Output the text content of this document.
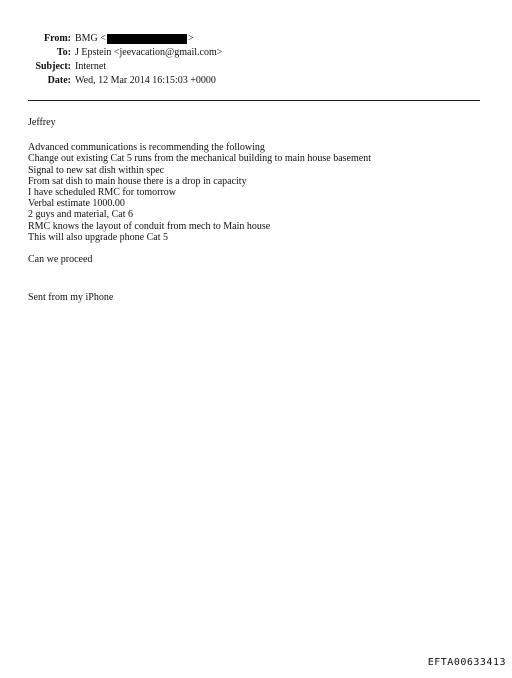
From: BMG <	>
To: J Epstein <jeevacation@gmail.com>
Subject: Internet
Date: Wed, 12 Mar 2014 16:15:03 +0000

Jeffrey

Advanced communications is recommending the following

Change out existing Cat 5 runs from the mechanical building to main house basement

Signal to new sat dish within spec

From sat dish to main house there is a drop in capacity

I have scheduled RMC for tomorrow

Verbal estimate 1000.00

2 guys and material, Cat 6

RMC knows the layout of conduit from mech to Main house

This will also upgrade phone Cat 5

Can we proceed

Sent from my iPhone

EFTA00633413
